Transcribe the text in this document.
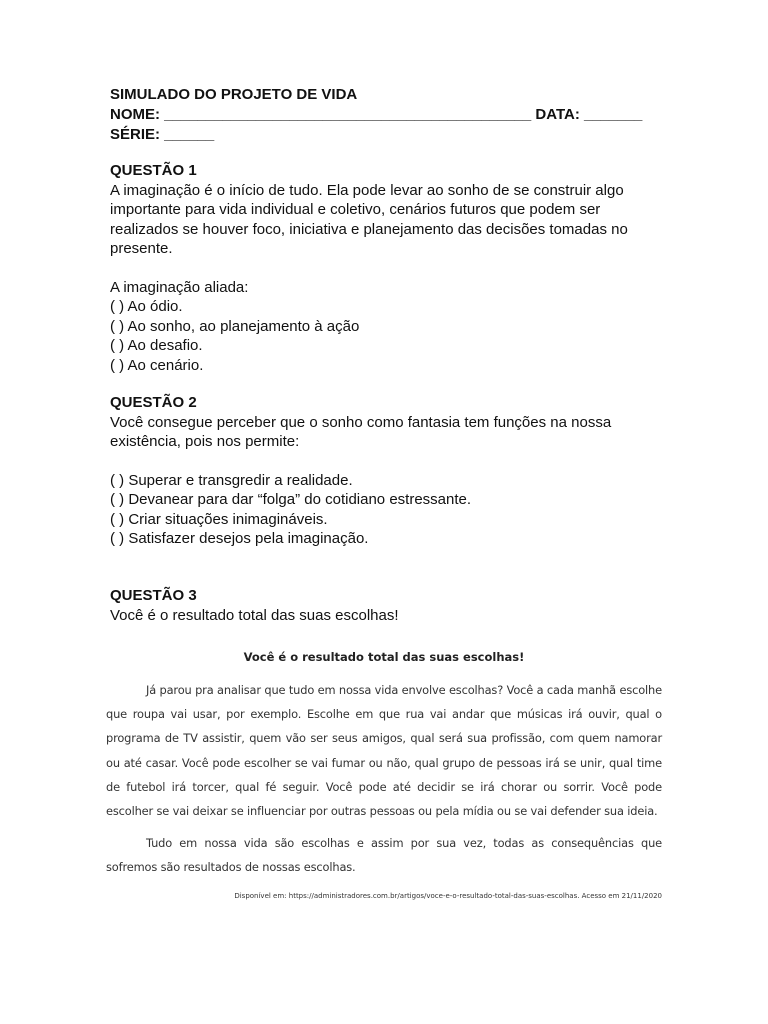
SIMULADO DO PROJETO DE VIDA
NOME: ____________________________________________ DATA: _______
SÉRIE: ______
QUESTÃO 1

A imaginação é o início de tudo. Ela pode levar ao sonho de se construir algo importante para vida individual e coletivo, cenários futuros que podem ser realizados se houver foco, iniciativa e planejamento das decisões tomadas no presente.

A imaginação aliada:

( ) Ao ódio.
( ) Ao sonho, ao planejamento à ação
( ) Ao desafio.
( ) Ao cenário.
QUESTÃO 2

Você consegue perceber que o sonho como fantasia tem funções na nossa existência, pois nos permite:

( ) Superar e transgredir a realidade.
( ) Devanear para dar “folga” do cotidiano estressante.
( ) Criar situações inimagináveis.
( ) Satisfazer desejos pela imaginação.
QUESTÃO 3

Você é o resultado total das suas escolhas!

Você é o resultado total das suas escolhas!

Já parou pra analisar que tudo em nossa vida envolve escolhas? Você a cada manhã escolhe que roupa vai usar, por exemplo. Escolhe em que rua vai andar que músicas irá ouvir, qual o programa de TV assistir, quem vão ser seus amigos, qual será sua profissão, com quem namorar ou até casar. Você pode escolher se vai fumar ou não, qual grupo de pessoas irá se unir, qual time de futebol irá torcer, qual fé seguir. Você pode até decidir se irá chorar ou sorrir. Você pode escolher se vai deixar se influenciar por outras pessoas ou pela mídia ou se vai defender sua ideia.

Tudo em nossa vida são escolhas e assim por sua vez, todas as consequências que sofremos são resultados de nossas escolhas.

Disponível em: https://administradores.com.br/artigos/voce-e-o-resultado-total-das-suas-escolhas. Acesso em 21/11/2020
